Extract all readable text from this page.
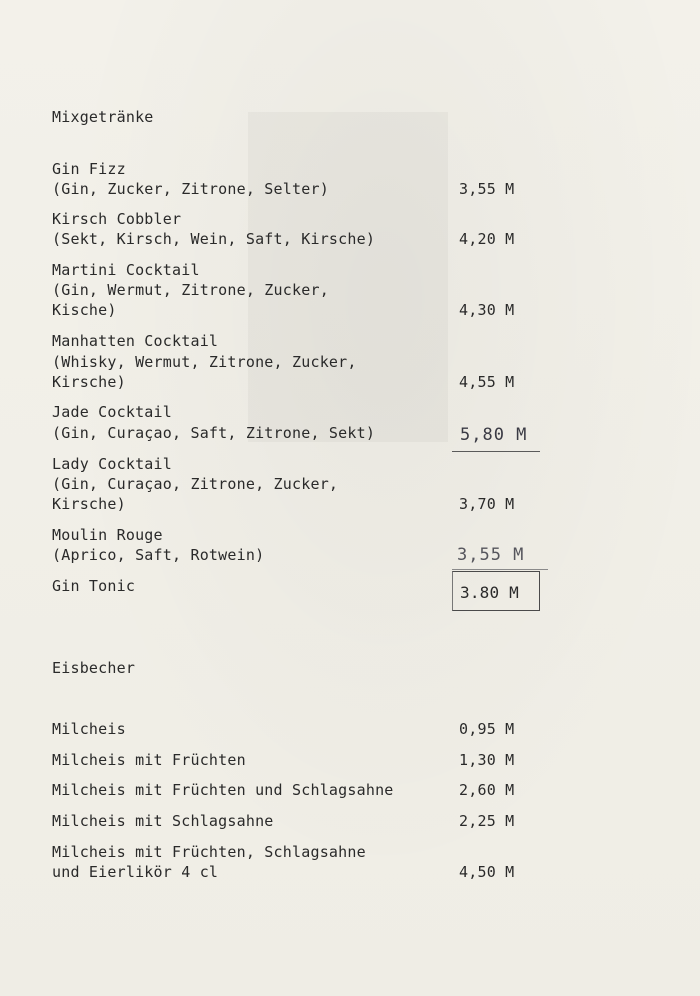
Mixgetränke

Gin Fizz

(Gin, Zucker, Zitrone, Selter)	3,55 M

Kirsch Cobbler

(Sekt, Kirsch, Wein, Saft, Kirsche)	4,20 M

Martini Cocktail

(Gin, Wermut, Zitrone, Zucker,

Kische)	4,30 M

Manhatten Cocktail

(Whisky, Wermut, Zitrone, Zucker,

Kirsche)	4,55 M

Jade Cocktail

(Gin, Curaçao, Saft, Zitrone, Sekt)	5,80 M

Lady Cocktail

(Gin, Curaçao, Zitrone, Zucker,

Kirsche)	3,70 M

Moulin Rouge

(Aprico, Saft, Rotwein)	3,55 M

Gin Tonic	3.80 M

Eisbecher

Milcheis	0,95 M

Milcheis mit Früchten	1,30 M

Milcheis mit Früchten und Schlagsahne	2,60 M

Milcheis mit Schlagsahne	2,25 M

Milcheis mit Früchten, Schlagsahne

und Eierlikör 4 cl	4,50 M
